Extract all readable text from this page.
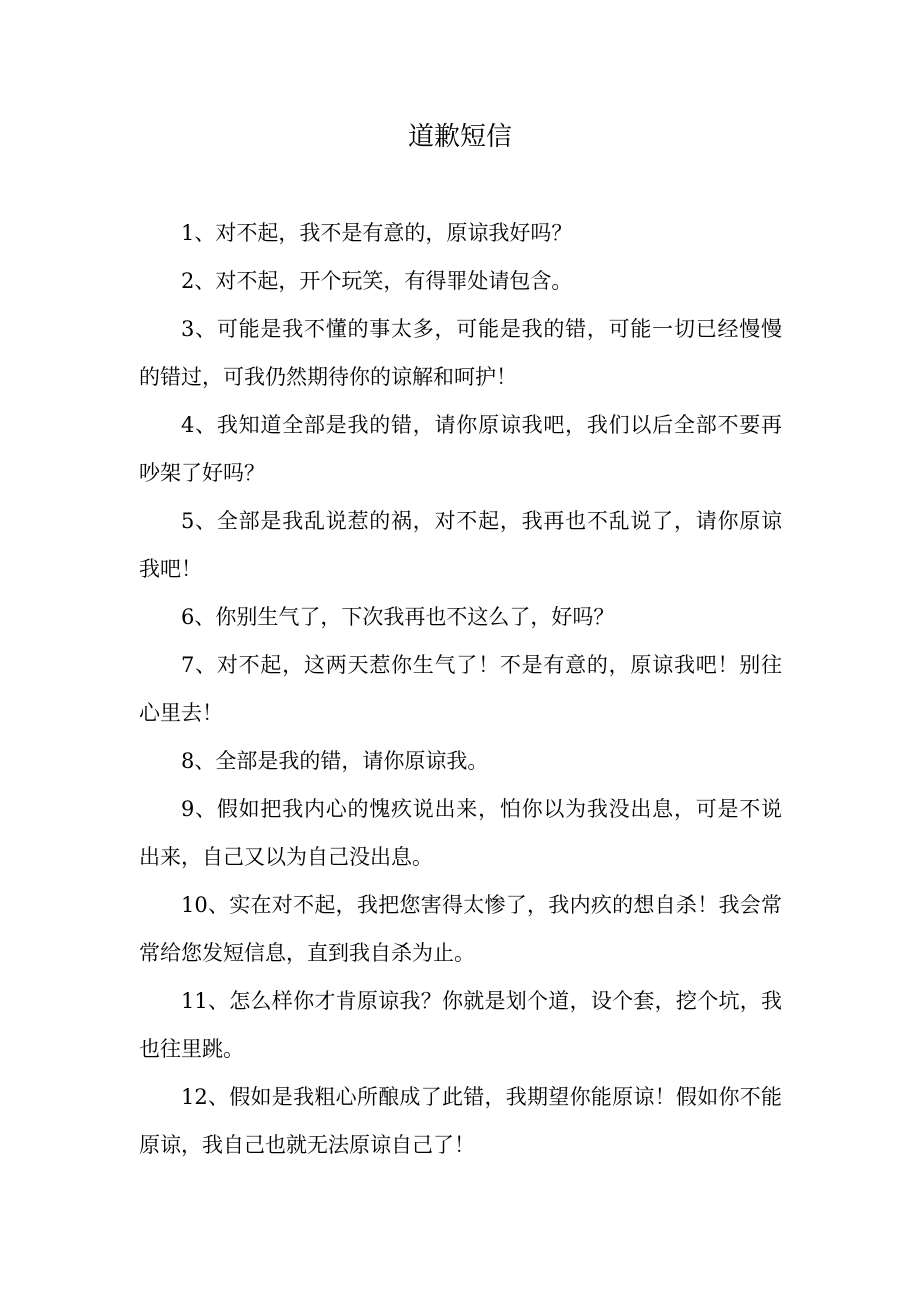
道歉短信

1、对不起，我不是有意的，原谅我好吗？

2、对不起，开个玩笑，有得罪处请包含。

3、可能是我不懂的事太多，可能是我的错，可能一切已经慢慢的错过，可我仍然期待你的谅解和呵护！

4、我知道全部是我的错，请你原谅我吧，我们以后全部不要再吵架了好吗？

5、全部是我乱说惹的祸，对不起，我再也不乱说了，请你原谅我吧！

6、你别生气了，下次我再也不这么了，好吗？

7、对不起，这两天惹你生气了！不是有意的，原谅我吧！别往心里去！

8、全部是我的错，请你原谅我。

9、假如把我内心的愧疚说出来，怕你以为我没出息，可是不说出来，自己又以为自己没出息。

10、实在对不起，我把您害得太惨了，我内疚的想自杀！我会常常给您发短信息，直到我自杀为止。

11、怎么样你才肯原谅我？你就是划个道，设个套，挖个坑，我也往里跳。

12、假如是我粗心所酿成了此错，我期望你能原谅！假如你不能原谅，我自己也就无法原谅自己了！
